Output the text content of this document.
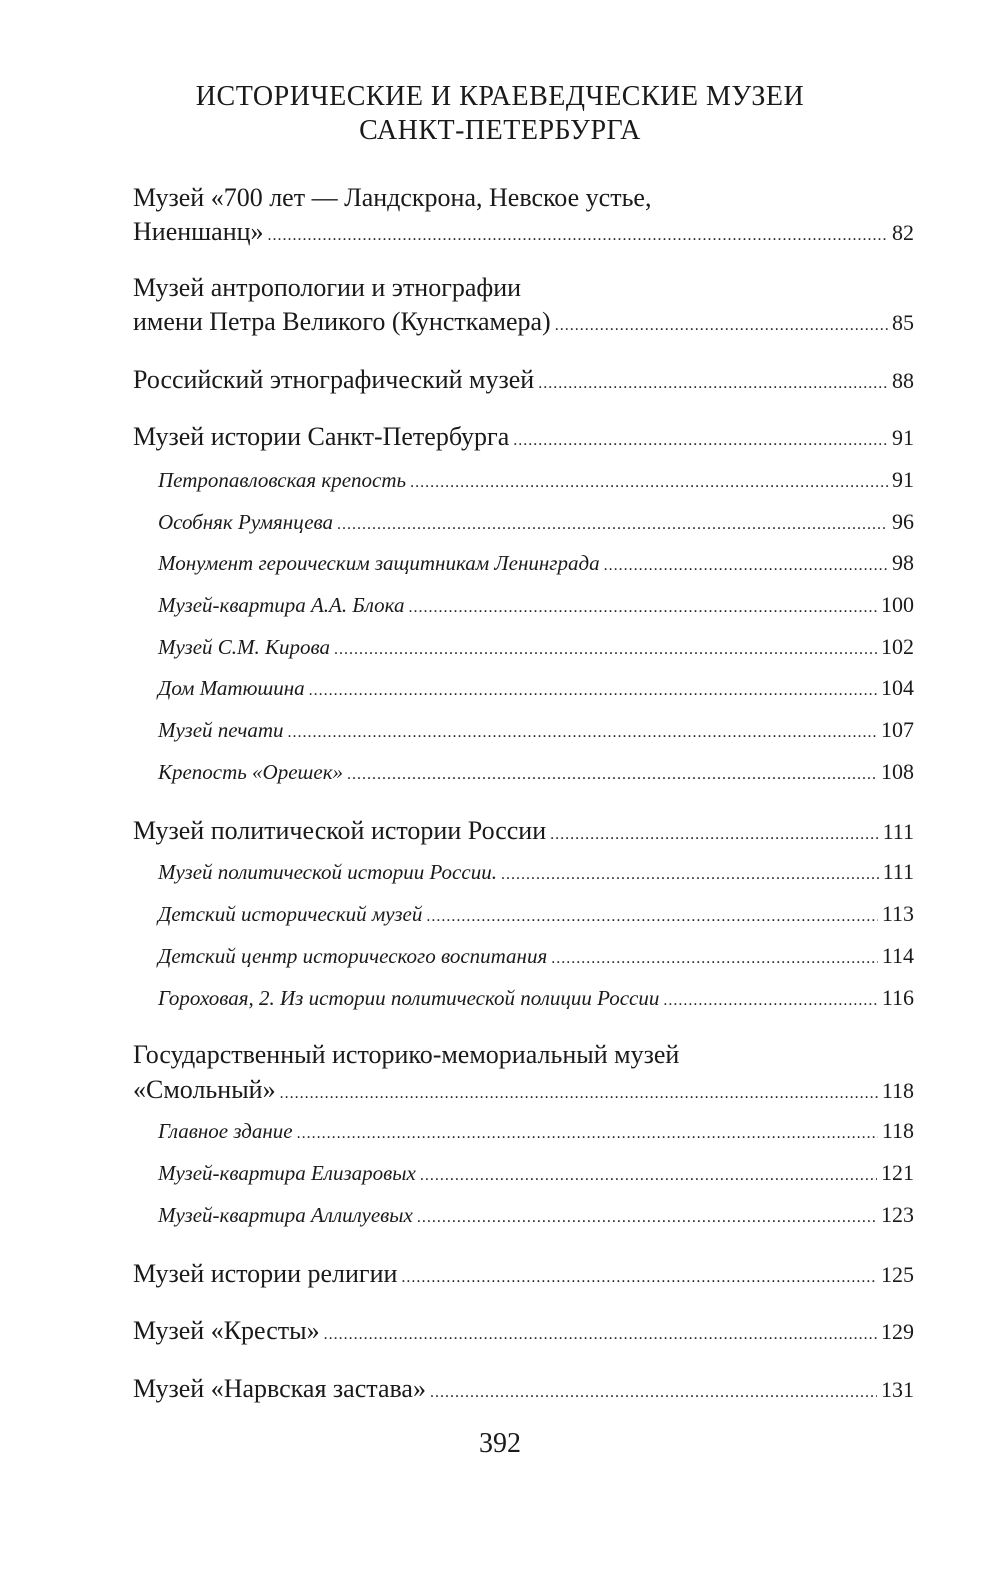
ИСТОРИЧЕСКИЕ И КРАЕВЕДЧЕСКИЕ МУЗЕИ
САНКТ-ПЕТЕРБУРГА
Музей «700 лет — Ландскрона, Невское устье,
Ниеншанц» .....	82
Музей антропологии и этнографии
имени Петра Великого (Кунсткамера) .....	85
Российский этнографический музей .....	88
Музей истории Санкт-Петербурга .....	91
Петропавловская крепость .....	91
Особняк Румянцева .....	96
Монумент героическим защитникам Ленинграда .....	98
Музей-квартира А.А. Блока .....	100
Музей С.М. Кирова .....	102
Дом Матюшина .....	104
Музей печати .....	107
Крепость «Орешек» .....	108
Музей политической истории России .....	111
Музей политической истории России. .....	111
Детский исторический музей .....	113
Детский центр исторического воспитания .....	114
Гороховая, 2. Из истории политической полиции России .....	116
Государственный историко-мемориальный музей
«Смольный» .....	118
Главное здание .....	118
Музей-квартира Елизаровых .....	121
Музей-квартира Аллилуевых .....	123
Музей истории религии .....	125
Музей «Кресты» .....	129
Музей «Нарвская застава» .....	131
392
